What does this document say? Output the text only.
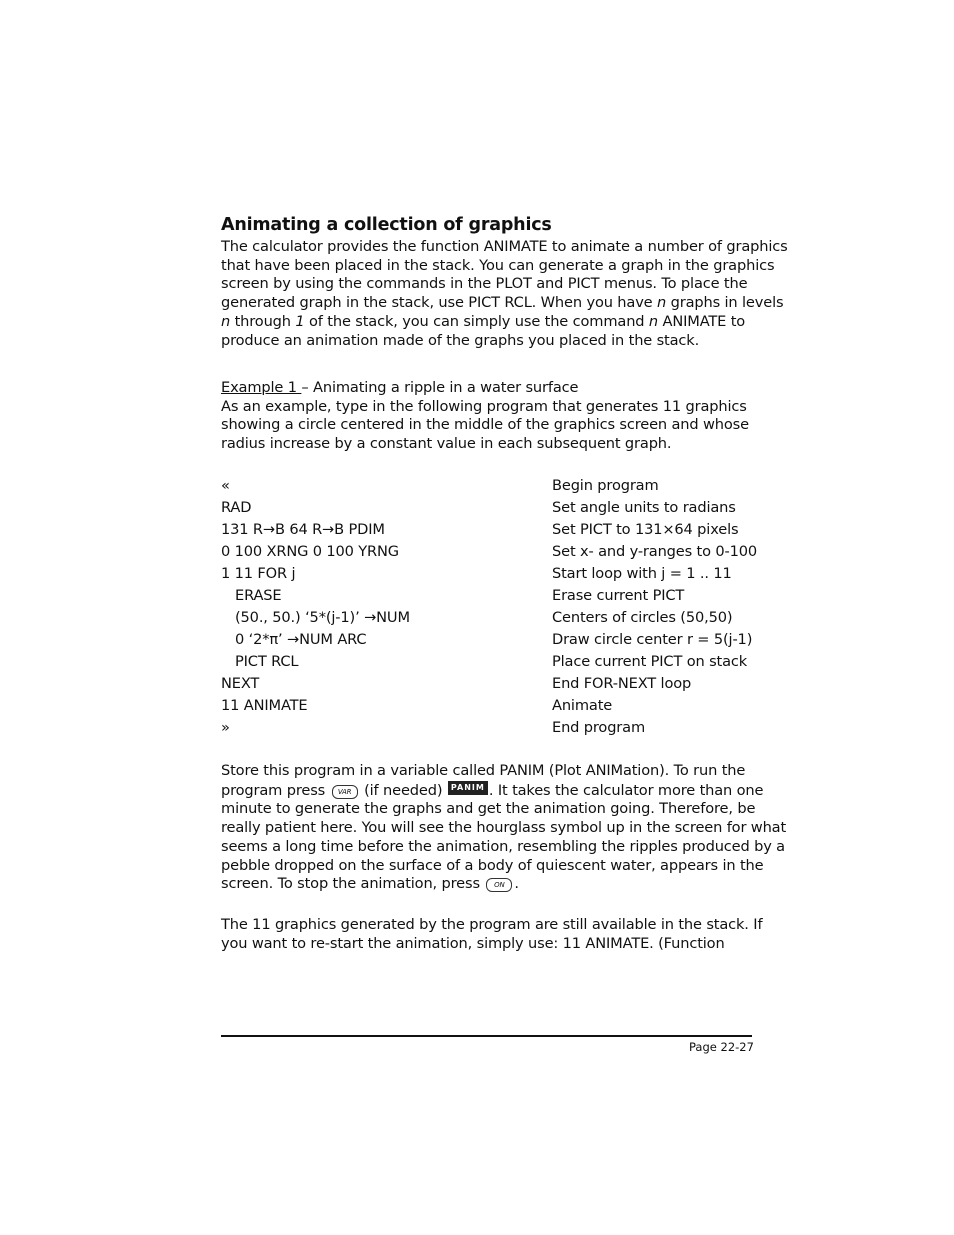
Animating a collection of graphics
The calculator provides the function ANIMATE to animate a number of graphics
that have been placed in the stack. You can generate a graph in the graphics
screen by using the commands in the PLOT and PICT menus. To place the
generated graph in the stack, use PICT RCL. When you have n graphs in levels
n through 1 of the stack, you can simply use the command n ANIMATE to
produce an animation made of the graphs you placed in the stack.
Example 1 – Animating a ripple in a water surface
As an example, type in the following program that generates 11 graphics
showing a circle centered in the middle of the graphics screen and whose
radius increase by a constant value in each subsequent graph.
«	Begin program
RAD	Set angle units to radians
131 R→B 64 R→B PDIM	Set PICT to 131×64 pixels
0 100 XRNG 0 100 YRNG	Set x- and y-ranges to 0-100
1 11 FOR j	Start loop with j = 1 .. 11
ERASE	Erase current PICT
(50., 50.) ‘5*(j-1)’ →NUM	Centers of circles (50,50)
0 ‘2*π’ →NUM ARC	Draw circle center r = 5(j-1)
PICT RCL	Place current PICT on stack
NEXT	End FOR-NEXT loop
11 ANIMATE	Animate
»	End program
Store this program in a variable called PANIM (Plot ANIMation). To run the
program press VAR (if needed) PANIM . It takes the calculator more than one
minute to generate the graphs and get the animation going. Therefore, be
really patient here. You will see the hourglass symbol up in the screen for what
seems a long time before the animation, resembling the ripples produced by a
pebble dropped on the surface of a body of quiescent water, appears in the
screen. To stop the animation, press ON .
The 11 graphics generated by the program are still available in the stack. If
you want to re-start the animation, simply use: 11 ANIMATE. (Function
Page 22-27
